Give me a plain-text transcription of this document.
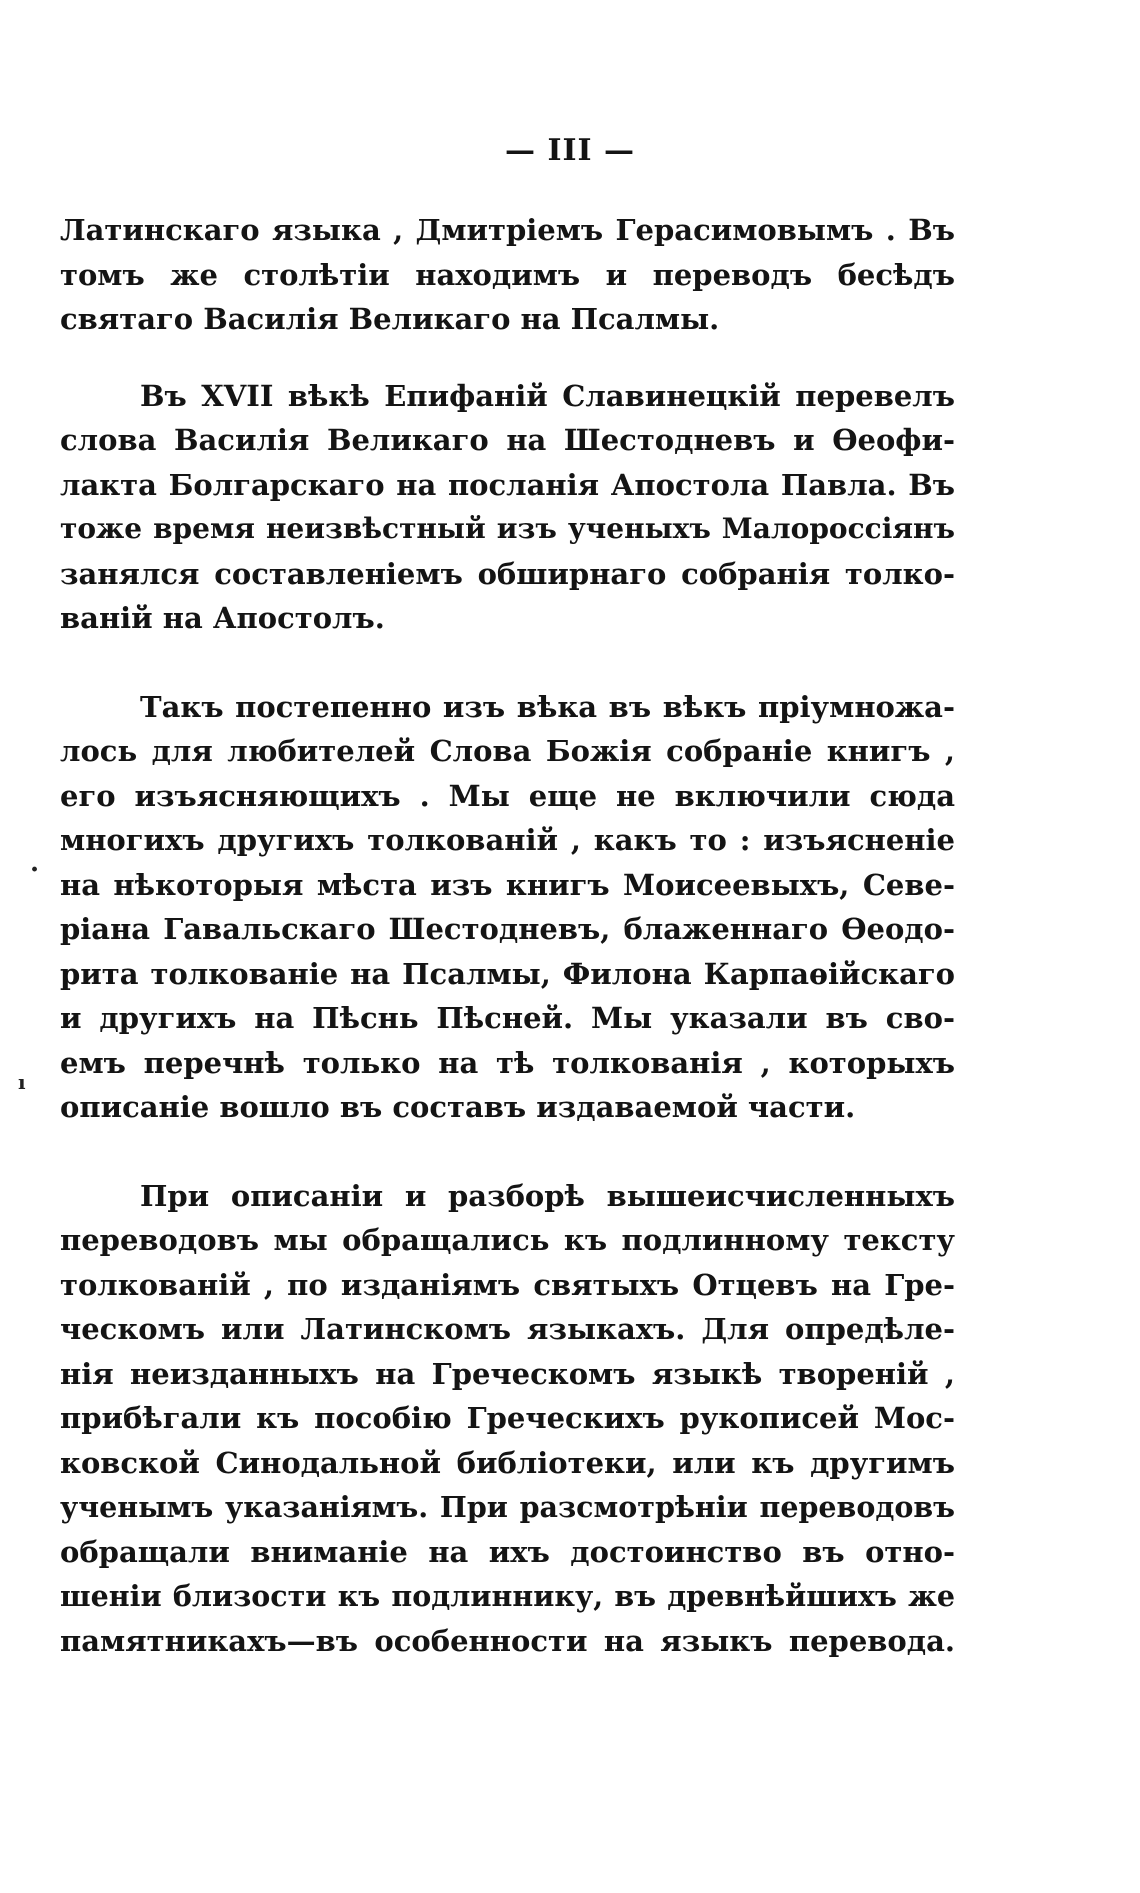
— III —
·
ı
Латинскаго языка , Дмитріемъ Герасимовымъ . Въ
томъ же столѣтіи находимъ и переводъ бесѣдъ
святаго Василія Великаго на Псалмы.
Въ XVII вѣкѣ Епифаній Славинецкій перевелъ
слова Василія Великаго на Шестодневъ и Ѳеофи-
лакта Болгарскаго на посланія Апостола Павла. Въ
тоже время неизвѣстный изъ ученыхъ Малороссіянъ
занялся составленіемъ обширнаго собранія толко-
ваній на Апостолъ.
Такъ постепенно изъ вѣка въ вѣкъ пріумножа-
лось для любителей Слова Божія собраніе книгъ ,
его изъясняющихъ . Мы еще не включили сюда
многихъ другихъ толкованій , какъ то : изъясненіе
на нѣкоторыя мѣста изъ книгъ Моисеевыхъ, Севе-
ріана Гавальскаго Шестодневъ, блаженнаго Ѳеодо-
рита толкованіе на Псалмы, Филона Карпаѳійскаго
и другихъ на Пѣснь Пѣсней. Мы указали въ сво-
емъ перечнѣ только на тѣ толкованія , которыхъ
описаніе вошло въ составъ издаваемой части.
При описаніи и разборѣ вышеисчисленныхъ
переводовъ мы обращались къ подлинному тексту
толкованій , по изданіямъ святыхъ Отцевъ на Гре-
ческомъ или Латинскомъ языкахъ. Для опредѣле-
нія неизданныхъ на Греческомъ языкѣ твореній ,
прибѣгали къ пособію Греческихъ рукописей Мос-
ковской Синодальной библіотеки, или къ другимъ
ученымъ указаніямъ. При разсмотрѣніи переводовъ
обращали вниманіе на ихъ достоинство въ отно-
шеніи близости къ подлиннику, въ древнѣйшихъ же
памятникахъ—въ особенности на языкъ перевода.
